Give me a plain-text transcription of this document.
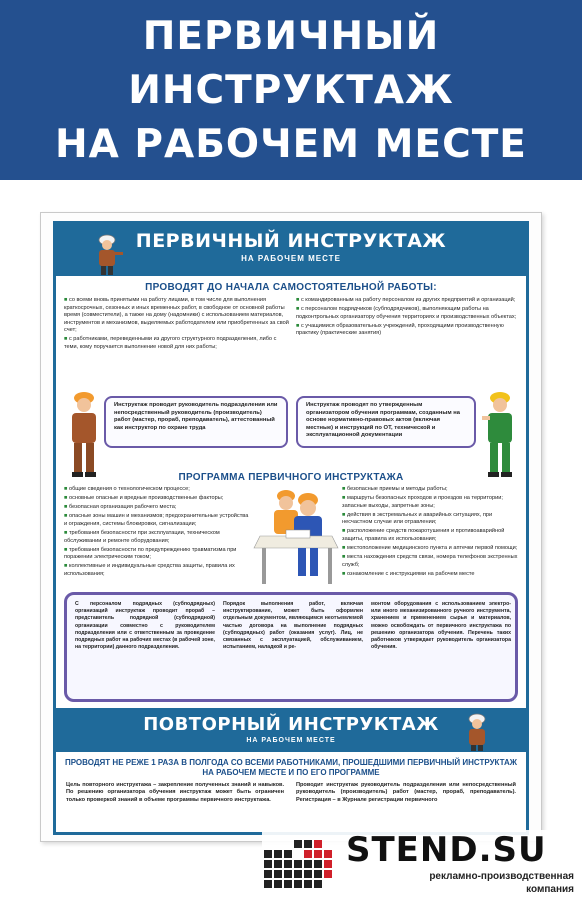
ПЕРВИЧНЫЙ
ИНСТРУКТАЖ
НА РАБОЧЕМ МЕСТЕ
ПЕРВИЧНЫЙ ИНСТРУКТАЖ
НА РАБОЧЕМ МЕСТЕ
ПРОВОДЯТ ДО НАЧАЛА САМОСТОЯТЕЛЬНОЙ РАБОТЫ:

■ со всеми вновь принятыми на работу лицами, в том числе для выполнения краткосрочных, сезонных и иных временных работ, в свободное от основной работы время (совместители), а также на дому (надомники) с использованием материалов, инструментов и механизмов, выделяемых работодателем или приобретенных за свой счет;

■ с работниками, переведенными из другого структурного подразделения, либо с теми, кому поручается выполнение новой для них работы;

■ с командированным на работу персоналом из других предприятий и организаций;

■ с персоналом подрядчиков (субподрядчиков), выполняющим работы на подконтрольных организатору обучения территориях и производственных объектах;

■ с учащимися образовательных учреждений, проходящими производственную практику (практические занятия)

Инструктаж проводит руководитель подразделения или непосредственный руководитель (производитель) работ (мастер, прораб, преподаватель), аттестованный как инструктор по охране труда
Инструктаж проводят по утвержденным организатором обучения программам, созданным на основе нормативно-правовых актов (включая местные) и инструкций по ОТ, технической и эксплуатационной документации
ПРОГРАММА ПЕРВИЧНОГО ИНСТРУКТАЖА

■ общие сведения о технологическом процессе;

■ основные опасные и вредные производственные факторы;

■ безопасная организация рабочего места;

■ опасные зоны машин и механизмов; предохранительные устройства и ограждения, системы блокировки, сигнализации;

■ требования безопасности при эксплуатации, техническом обслуживании и ремонте оборудования;

■ требования безопасности по предупреждению травматизма при поражении электрическим током;

■ коллективные и индивидуальные средства защиты, правила их использования;

■ безопасные приемы и методы работы;

■ маршруты безопасных проходов и проездов на территории; запасные выходы, запретные зоны;

■ действия в экстремальных и аварийных ситуациях, при несчастном случае или отравлении;

■ расположение средств пожаротушения и противоаварийной защиты, правила их использования;

■ местоположение медицинского пункта и аптечки первой помощи;

■ места нахождения средств связи, номера телефонов экстренных служб;

■ ознакомление с инструкциями на рабочем месте

С персоналом подрядных (субподрядных) организаций инструктаж проводит прораб – представитель подрядной (субподрядной) организации совместно с руководителем подразделения или с ответственным за проведение подрядных работ на рабочих местах (в рабочей зоне, на территории) данного подразделения.
Порядок выполнения работ, включая инструктирование, может быть оформлен отдельным документом, являющимся неотъемлемой частью договора на выполнение подрядных (субподрядных) работ (оказания услуг). Лиц, не связанных с эксплуатацией, обслуживанием, испытанием, наладкой и ре-
монтом оборудования с использованием электро- или иного механизированного ручного инструмента, хранением и применением сырья и материалов, можно освобождать от первичного инструктажа по решению организатора обучения. Перечень таких работников утверждает руководитель организатора обучения.
ПОВТОРНЫЙ ИНСТРУКТАЖ
НА РАБОЧЕМ МЕСТЕ
ПРОВОДЯТ НЕ РЕЖЕ 1 РАЗА В ПОЛГОДА СО ВСЕМИ РАБОТНИКАМИ, ПРОШЕДШИМИ ПЕРВИЧНЫЙ ИНСТРУКТАЖ НА РАБОЧЕМ МЕСТЕ И ПО ЕГО ПРОГРАММЕ
Цель повторного инструктажа – закрепление полученных знаний и навыков. По решению организатора обучения инструктаж может быть ограничен только проверкой знаний в объеме программы первичного инструктажа.
Проводит инструктаж руководитель подразделения или непосредственный руководитель (производитель) работ (мастер, прораб, преподаватель). Регистрация – в Журнале регистрации первичного
STEND.SU
рекламно-производственная
компания
